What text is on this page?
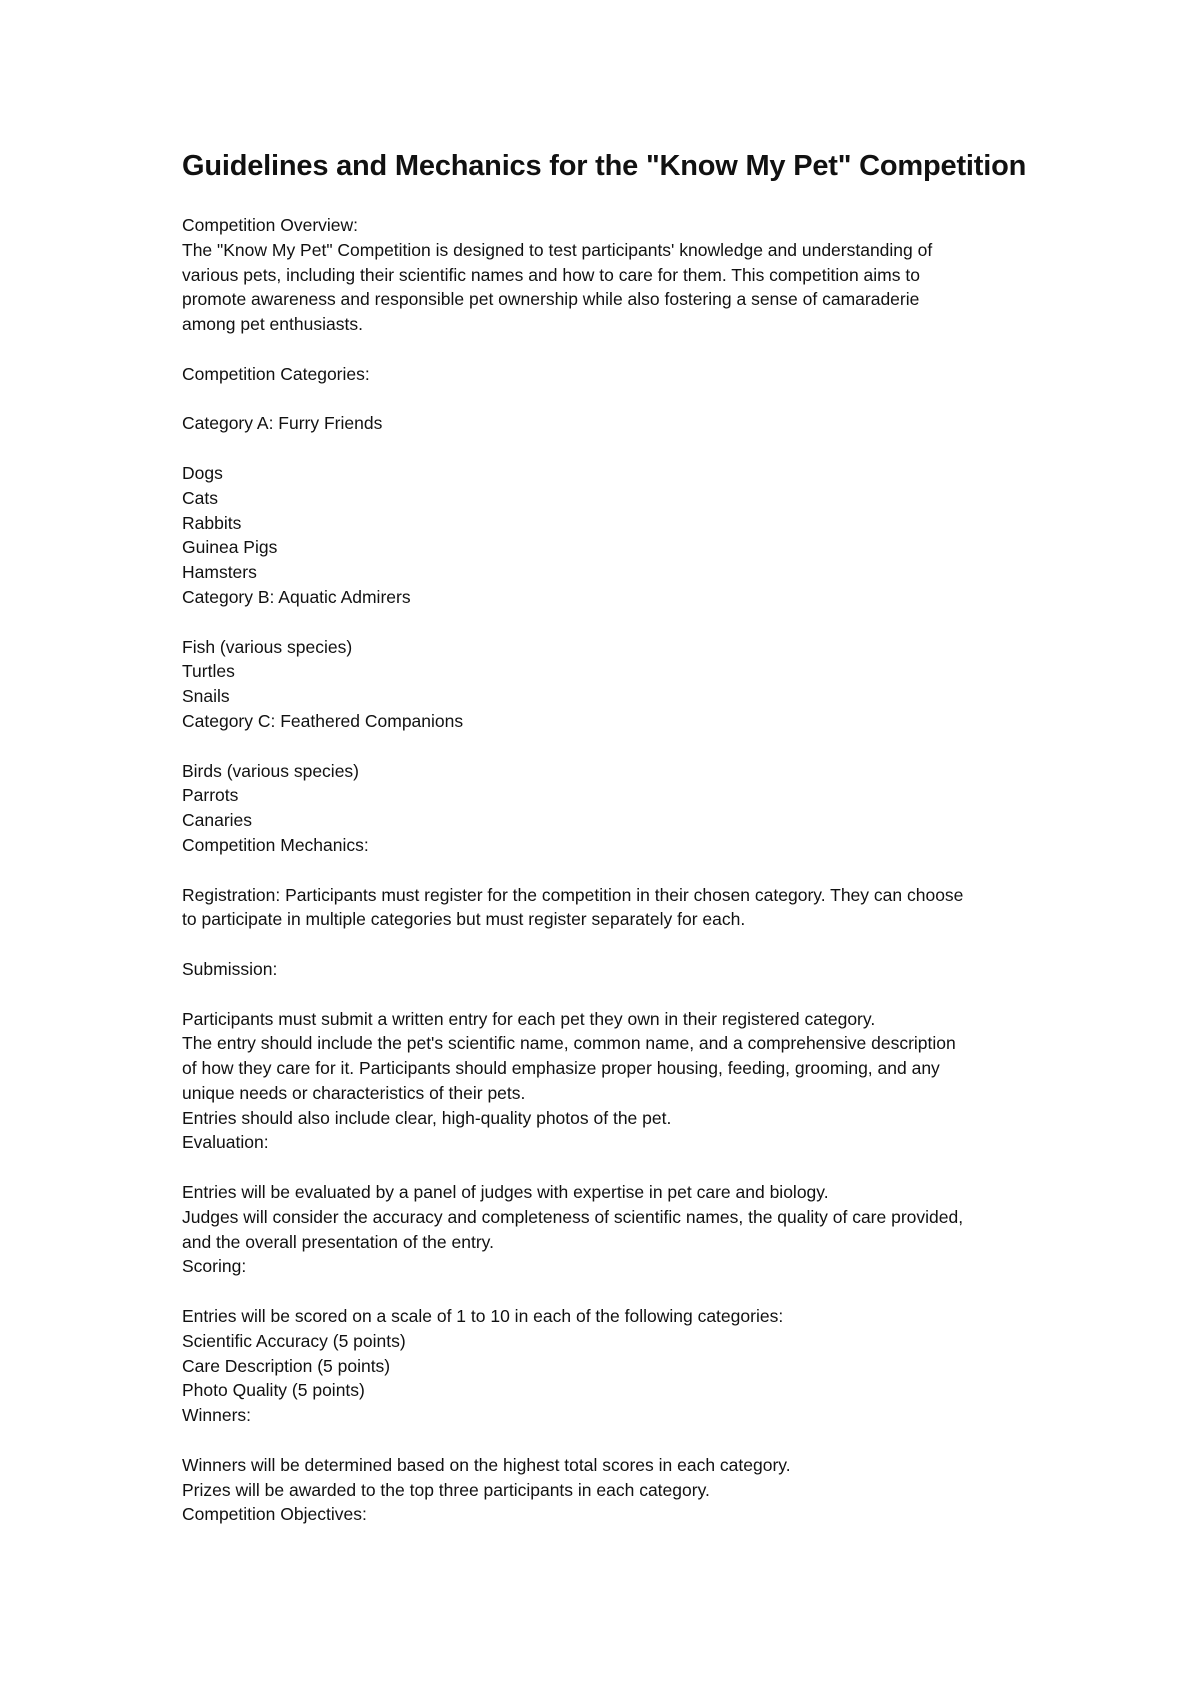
Guidelines and Mechanics for the "Know My Pet" Competition
Competition Overview:
The "Know My Pet" Competition is designed to test participants' knowledge and understanding of
various pets, including their scientific names and how to care for them. This competition aims to
promote awareness and responsible pet ownership while also fostering a sense of camaraderie
among pet enthusiasts.
Competition Categories:
Category A: Furry Friends
Dogs
Cats
Rabbits
Guinea Pigs
Hamsters
Category B: Aquatic Admirers
Fish (various species)
Turtles
Snails
Category C: Feathered Companions
Birds (various species)
Parrots
Canaries
Competition Mechanics:
Registration: Participants must register for the competition in their chosen category. They can choose
to participate in multiple categories but must register separately for each.
Submission:
Participants must submit a written entry for each pet they own in their registered category.
The entry should include the pet's scientific name, common name, and a comprehensive description
of how they care for it. Participants should emphasize proper housing, feeding, grooming, and any
unique needs or characteristics of their pets.
Entries should also include clear, high-quality photos of the pet.
Evaluation:
Entries will be evaluated by a panel of judges with expertise in pet care and biology.
Judges will consider the accuracy and completeness of scientific names, the quality of care provided,
and the overall presentation of the entry.
Scoring:
Entries will be scored on a scale of 1 to 10 in each of the following categories:
Scientific Accuracy (5 points)
Care Description (5 points)
Photo Quality (5 points)
Winners:
Winners will be determined based on the highest total scores in each category.
Prizes will be awarded to the top three participants in each category.
Competition Objectives:
